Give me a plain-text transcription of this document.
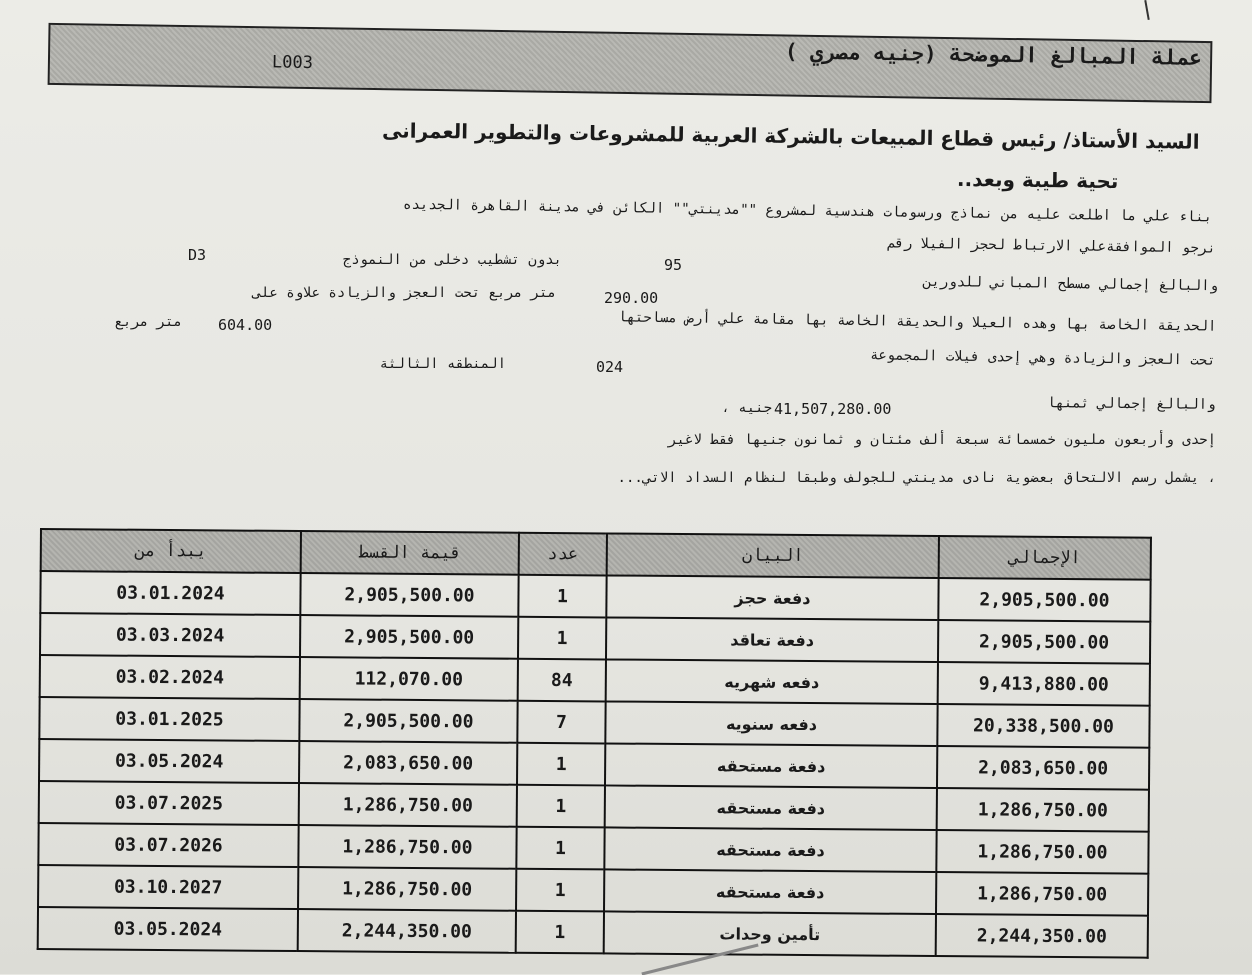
عملة المبالغ الموضحة (جنيه مصري )
L003
السيد الأستاذ/ رئيس قطاع المبيعات بالشركة العربية للمشروعات والتطوير العمرانى
تحية طيبة وبعد..
بناء علي ما اطلعت عليه من نماذج ورسومات هندسية لمشروع ""مدينتي"" الكائن في مدينة القاهرة الجديده
نرجو الموافقةعلي الارتباط لحجز الفيلا رقم
95
بدون تشطيب دخلى من النموذج
D3
والبالغ إجمالي مسطح المباني للدورين
290.00
متر مربع تحت العجز والزيادة علاوة على
الحديقة الخاصة بها وهده العيلا والحديقة الخاصة بها مقامة علي أرض مساحتها
604.00
متر مربع
تحت العجز والزيادة وهي إحدى فيلات المجموعة
024
المنطقه الثالثة
والبالغ إجمالي ثمنها
41,507,280.00
جنيه ،
إحدى وأربعون مليون خمسمائة سبعة ألف مئتان و ثمانون جنيها فقط لاغير
، يشمل رسم الالتحاق بعضوية نادى مدينتي للجولف وطبقا لنظام السداد الاتي...
الإجمالي	البيان	عدد	قيمة القسط	يبدأ من
2,905,500.00	دفعة حجز	1	2,905,500.00	03.01.2024
2,905,500.00	دفعة تعاقد	1	2,905,500.00	03.03.2024
9,413,880.00	دفعه شهريه	84	112,070.00	03.02.2024
20,338,500.00	دفعه سنويه	7	2,905,500.00	03.01.2025
2,083,650.00	دفعة مستحقه	1	2,083,650.00	03.05.2024
1,286,750.00	دفعة مستحقه	1	1,286,750.00	03.07.2025
1,286,750.00	دفعة مستحقه	1	1,286,750.00	03.07.2026
1,286,750.00	دفعة مستحقه	1	1,286,750.00	03.10.2027
2,244,350.00	تأمين وحدات	1	2,244,350.00	03.05.2024
